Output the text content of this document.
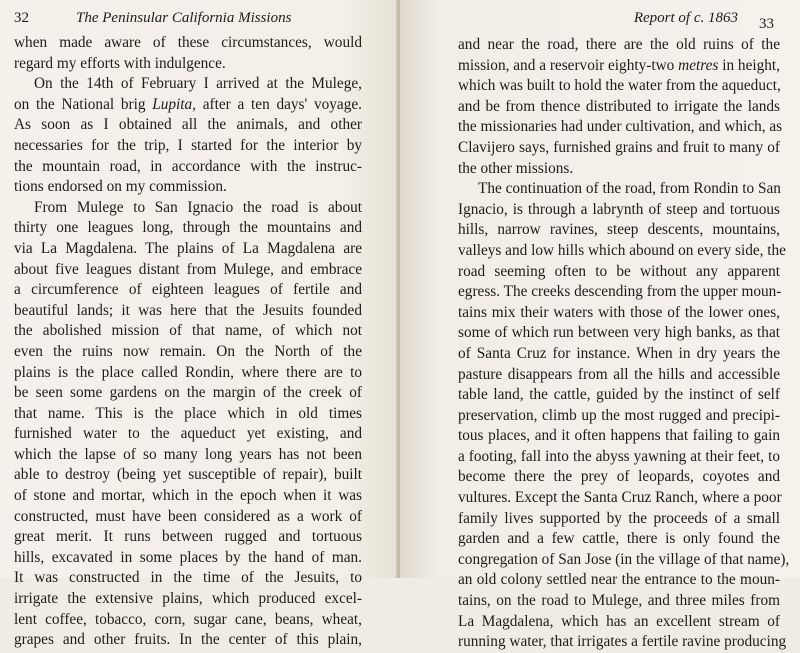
32	The Peninsular California Missions
when made aware of these circumstances, would
regard my efforts with indulgence.
On the 14th of February I arrived at the Mulege,
on the National brig Lupita, after a ten days' voyage.
As soon as I obtained all the animals, and other
necessaries for the trip, I started for the interior by
the mountain road, in accordance with the instruc-
tions endorsed on my commission.
From Mulege to San Ignacio the road is about
thirty one leagues long, through the mountains and
via La Magdalena. The plains of La Magdalena are
about five leagues distant from Mulege, and embrace
a circumference of eighteen leagues of fertile and
beautiful lands; it was here that the Jesuits founded
the abolished mission of that name, of which not
even the ruins now remain. On the North of the
plains is the place called Rondin, where there are to
be seen some gardens on the margin of the creek of
that name. This is the place which in old times
furnished water to the aqueduct yet existing, and
which the lapse of so many long years has not been
able to destroy (being yet susceptible of repair), built
of stone and mortar, which in the epoch when it was
constructed, must have been considered as a work of
great merit. It runs between rugged and tortuous
hills, excavated in some places by the hand of man.
It was constructed in the time of the Jesuits, to
irrigate the extensive plains, which produced excel-
lent coffee, tobacco, corn, sugar cane, beans, wheat,
grapes and other fruits. In the center of this plain,
Report of c. 1863 33
and near the road, there are the old ruins of the
mission, and a reservoir eighty-two metres in height,
which was built to hold the water from the aqueduct,
and be from thence distributed to irrigate the lands
the missionaries had under cultivation, and which, as
Clavijero says, furnished grains and fruit to many of
the other missions.
The continuation of the road, from Rondin to San
Ignacio, is through a labrynth of steep and tortuous
hills, narrow ravines, steep descents, mountains,
valleys and low hills which abound on every side, the
road seeming often to be without any apparent
egress. The creeks descending from the upper moun-
tains mix their waters with those of the lower ones,
some of which run between very high banks, as that
of Santa Cruz for instance. When in dry years the
pasture disappears from all the hills and accessible
table land, the cattle, guided by the instinct of self
preservation, climb up the most rugged and precipi-
tous places, and it often happens that failing to gain
a footing, fall into the abyss yawning at their feet, to
become there the prey of leopards, coyotes and
vultures. Except the Santa Cruz Ranch, where a poor
family lives supported by the proceeds of a small
garden and a few cattle, there is only found the
congregation of San Jose (in the village of that name),
an old colony settled near the entrance to the moun-
tains, on the road to Mulege, and three miles from
La Magdalena, which has an excellent stream of
running water, that irrigates a fertile ravine producing
